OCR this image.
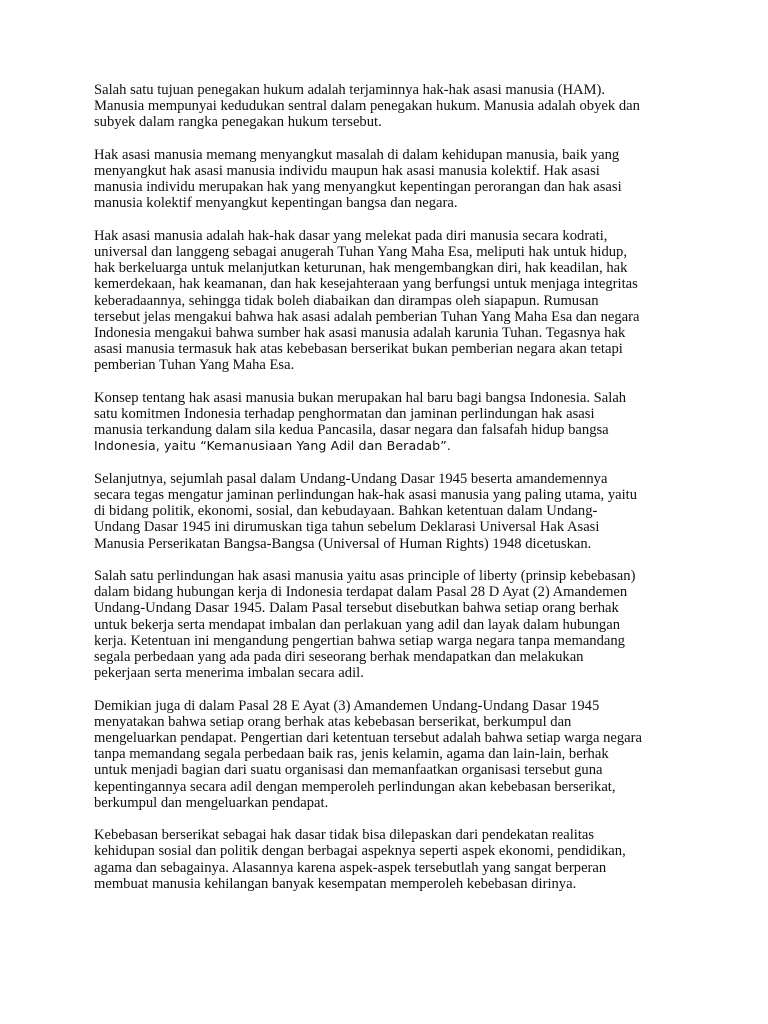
Salah satu tujuan penegakan hukum adalah terjaminnya hak-hak asasi manusia (HAM).
Manusia mempunyai kedudukan sentral dalam penegakan hukum. Manusia adalah obyek dan
subyek dalam rangka penegakan hukum tersebut.

Hak asasi manusia memang menyangkut masalah di dalam kehidupan manusia, baik yang
menyangkut hak asasi manusia individu maupun hak asasi manusia kolektif. Hak asasi
manusia individu merupakan hak yang menyangkut kepentingan perorangan dan hak asasi
manusia kolektif menyangkut kepentingan bangsa dan negara.

Hak asasi manusia adalah hak-hak dasar yang melekat pada diri manusia secara kodrati,
universal dan langgeng sebagai anugerah Tuhan Yang Maha Esa, meliputi hak untuk hidup,
hak berkeluarga untuk melanjutkan keturunan, hak mengembangkan diri, hak keadilan, hak
kemerdekaan, hak keamanan, dan hak kesejahteraan yang berfungsi untuk menjaga integritas
keberadaannya, sehingga tidak boleh diabaikan dan dirampas oleh siapapun. Rumusan
tersebut jelas mengakui bahwa hak asasi adalah pemberian Tuhan Yang Maha Esa dan negara
Indonesia mengakui bahwa sumber hak asasi manusia adalah karunia Tuhan. Tegasnya hak
asasi manusia termasuk hak atas kebebasan berserikat bukan pemberian negara akan tetapi
pemberian Tuhan Yang Maha Esa.

Konsep tentang hak asasi manusia bukan merupakan hal baru bagi bangsa Indonesia. Salah
satu komitmen Indonesia terhadap penghormatan dan jaminan perlindungan hak asasi
manusia terkandung dalam sila kedua Pancasila, dasar negara dan falsafah hidup bangsa
Indonesia, yaitu “Kemanusiaan Yang Adil dan Beradab”.

Selanjutnya, sejumlah pasal dalam Undang-Undang Dasar 1945 beserta amandemennya
secara tegas mengatur jaminan perlindungan hak-hak asasi manusia yang paling utama, yaitu
di bidang politik, ekonomi, sosial, dan kebudayaan. Bahkan ketentuan dalam Undang-
Undang Dasar 1945 ini dirumuskan tiga tahun sebelum Deklarasi Universal Hak Asasi
Manusia Perserikatan Bangsa-Bangsa (Universal of Human Rights) 1948 dicetuskan.

Salah satu perlindungan hak asasi manusia yaitu asas principle of liberty (prinsip kebebasan)
dalam bidang hubungan kerja di Indonesia terdapat dalam Pasal 28 D Ayat (2) Amandemen
Undang-Undang Dasar 1945. Dalam Pasal tersebut disebutkan bahwa setiap orang berhak
untuk bekerja serta mendapat imbalan dan perlakuan yang adil dan layak dalam hubungan
kerja. Ketentuan ini mengandung pengertian bahwa setiap warga negara tanpa memandang
segala perbedaan yang ada pada diri seseorang berhak mendapatkan dan melakukan
pekerjaan serta menerima imbalan secara adil.

Demikian juga di dalam Pasal 28 E Ayat (3) Amandemen Undang-Undang Dasar 1945
menyatakan bahwa setiap orang berhak atas kebebasan berserikat, berkumpul dan
mengeluarkan pendapat. Pengertian dari ketentuan tersebut adalah bahwa setiap warga negara
tanpa memandang segala perbedaan baik ras, jenis kelamin, agama dan lain-lain, berhak
untuk menjadi bagian dari suatu organisasi dan memanfaatkan organisasi tersebut guna
kepentingannya secara adil dengan memperoleh perlindungan akan kebebasan berserikat,
berkumpul dan mengeluarkan pendapat.

Kebebasan berserikat sebagai hak dasar tidak bisa dilepaskan dari pendekatan realitas
kehidupan sosial dan politik dengan berbagai aspeknya seperti aspek ekonomi, pendidikan,
agama dan sebagainya. Alasannya karena aspek-aspek tersebutlah yang sangat berperan
membuat manusia kehilangan banyak kesempatan memperoleh kebebasan dirinya.
